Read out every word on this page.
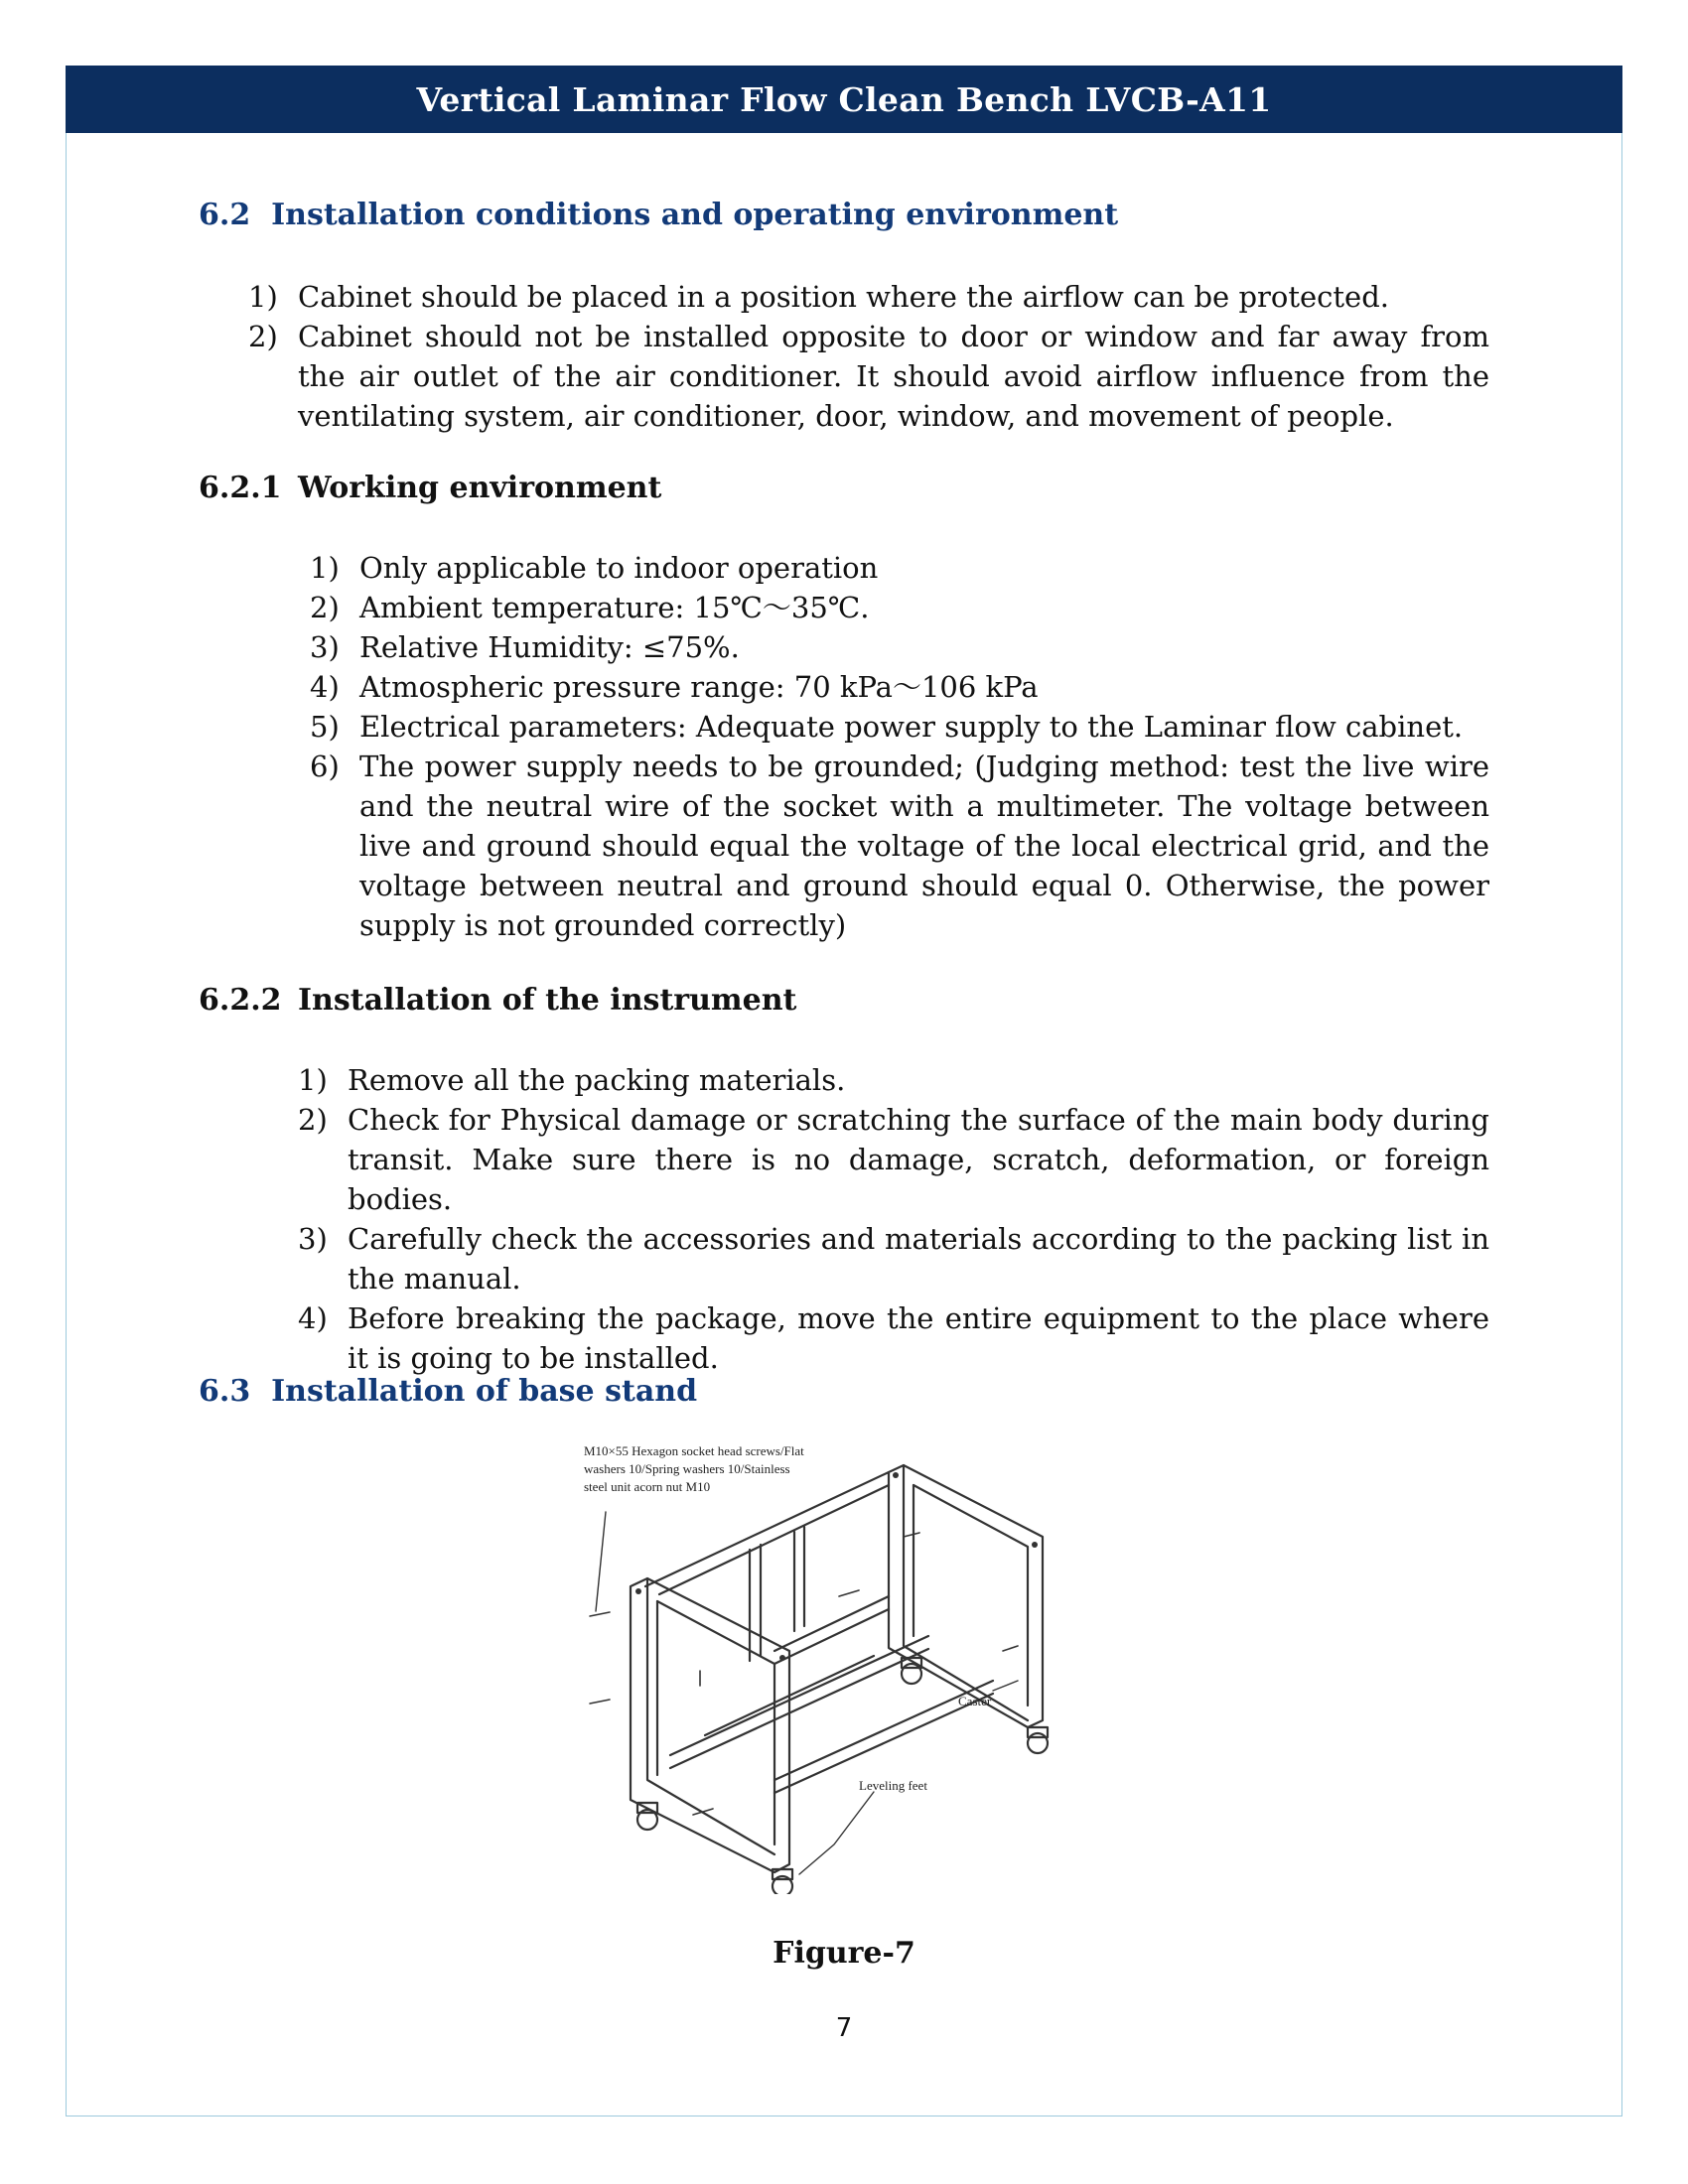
Vertical Laminar Flow Clean Bench LVCB-A11
6.2 Installation conditions and operating environment
1) Cabinet should be placed in a position where the airflow can be protected.
2) Cabinet should not be installed opposite to door or window and far away from the air outlet of the air conditioner. It should avoid airflow influence from the ventilating system, air conditioner, door, window, and movement of people.
6.2.1 Working environment
1) Only applicable to indoor operation
2) Ambient temperature: 15℃～35℃.
3) Relative Humidity: ≤75%.
4) Atmospheric pressure range: 70 kPa～106 kPa
5) Electrical parameters: Adequate power supply to the Laminar flow cabinet.
6) The power supply needs to be grounded; (Judging method: test the live wire and the neutral wire of the socket with a multimeter. The voltage between live and ground should equal the voltage of the local electrical grid, and the voltage between neutral and ground should equal 0. Otherwise, the power supply is not grounded correctly)
6.2.2 Installation of the instrument
1) Remove all the packing materials.
2) Check for Physical damage or scratching the surface of the main body during transit. Make sure there is no damage, scratch, deformation, or foreign bodies.
3) Carefully check the accessories and materials according to the packing list in the manual.
4) Before breaking the package, move the entire equipment to the place where it is going to be installed.
6.3 Installation of base stand
M10×55 Hexagon socket head screws/Flat
washers 10/Spring washers 10/Stainless
steel unit acorn nut M10
Caster
Leveling feet
Figure-7
7
